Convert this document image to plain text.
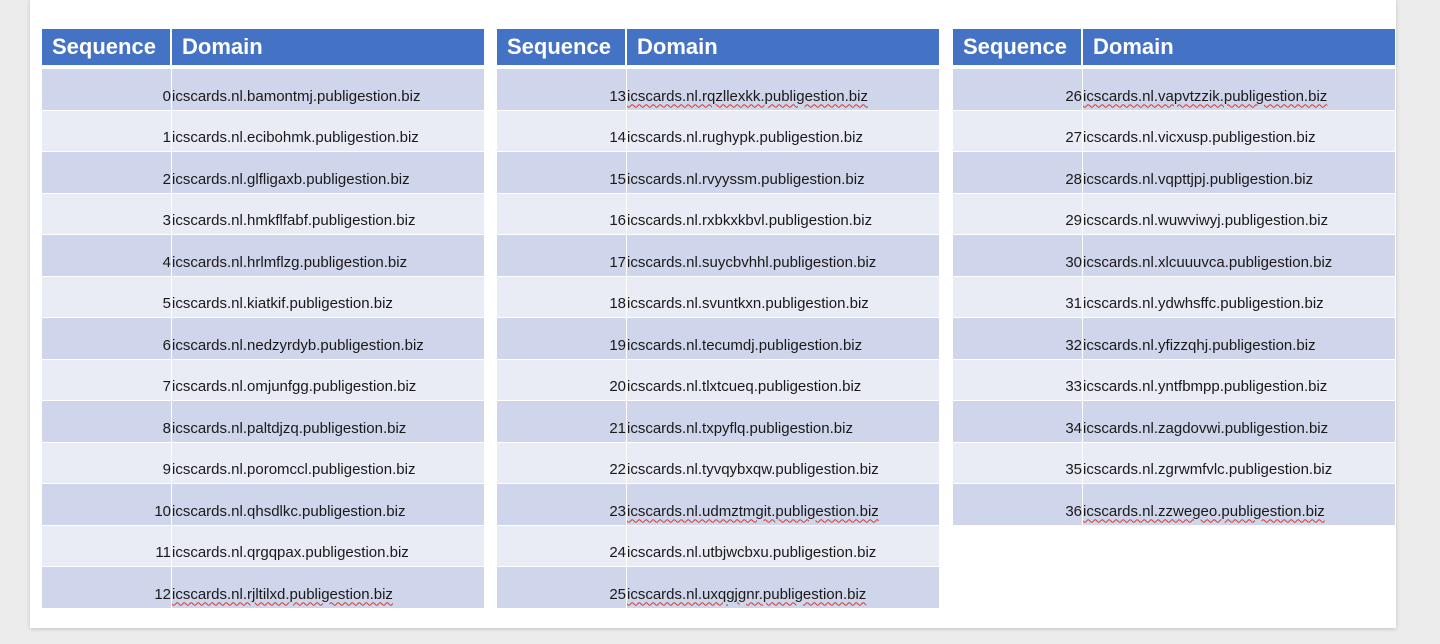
Sequence	Domain
0	icscards.nl.bamontmj.publigestion.biz
1	icscards.nl.ecibohmk.publigestion.biz
2	icscards.nl.glfligaxb.publigestion.biz
3	icscards.nl.hmkflfabf.publigestion.biz
4	icscards.nl.hrlmflzg.publigestion.biz
5	icscards.nl.kiatkif.publigestion.biz
6	icscards.nl.nedzyrdyb.publigestion.biz
7	icscards.nl.omjunfgg.publigestion.biz
8	icscards.nl.paltdjzq.publigestion.biz
9	icscards.nl.poromccl.publigestion.biz
10	icscards.nl.qhsdlkc.publigestion.biz
11	icscards.nl.qrgqpax.publigestion.biz
12	icscards.nl.rjltilxd.publigestion.biz
Sequence	Domain
13	icscards.nl.rqzllexkk.publigestion.biz
14	icscards.nl.rughypk.publigestion.biz
15	icscards.nl.rvyyssm.publigestion.biz
16	icscards.nl.rxbkxkbvl.publigestion.biz
17	icscards.nl.suycbvhhl.publigestion.biz
18	icscards.nl.svuntkxn.publigestion.biz
19	icscards.nl.tecumdj.publigestion.biz
20	icscards.nl.tlxtcueq.publigestion.biz
21	icscards.nl.txpyflq.publigestion.biz
22	icscards.nl.tyvqybxqw.publigestion.biz
23	icscards.nl.udmztmgit.publigestion.biz
24	icscards.nl.utbjwcbxu.publigestion.biz
25	icscards.nl.uxqgjgnr.publigestion.biz
Sequence	Domain
26	icscards.nl.vapvtzzik.publigestion.biz
27	icscards.nl.vicxusp.publigestion.biz
28	icscards.nl.vqpttjpj.publigestion.biz
29	icscards.nl.wuwviwyj.publigestion.biz
30	icscards.nl.xlcuuuvca.publigestion.biz
31	icscards.nl.ydwhsffc.publigestion.biz
32	icscards.nl.yfizzqhj.publigestion.biz
33	icscards.nl.yntfbmpp.publigestion.biz
34	icscards.nl.zagdovwi.publigestion.biz
35	icscards.nl.zgrwmfvlc.publigestion.biz
36	icscards.nl.zzwegeo.publigestion.biz
